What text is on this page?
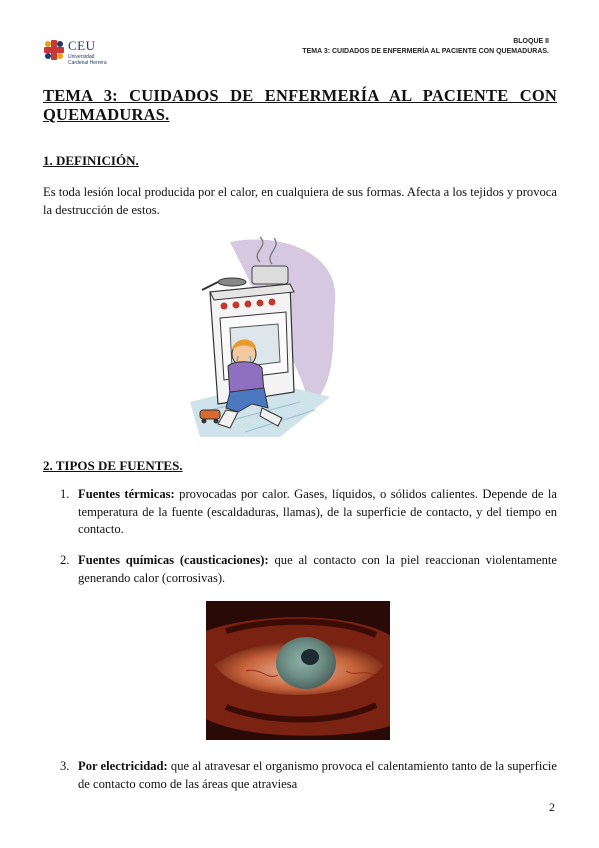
CEU
Universidad
Cardenal Herrera
BLOQUE II
TEMA 3: CUIDADOS DE ENFERMERÍA AL PACIENTE CON QUEMADURAS.
TEMA 3: CUIDADOS DE ENFERMERÍA AL PACIENTE CON QUEMADURAS.
1. DEFINICIÓN.
Es toda lesión local producida por el calor, en cualquiera de sus formas. Afecta a los tejidos y provoca la destrucción de estos.
2. TIPOS DE FUENTES.
1. Fuentes térmicas: provocadas por calor. Gases, líquidos, o sólidos calientes. Depende de la temperatura de la fuente (escaldaduras, llamas), de la superficie de contacto, y del tiempo en contacto.
2. Fuentes químicas (causticaciones): que al contacto con la piel reaccionan violentamente generando calor (corrosivas).
3. Por electricidad: que al atravesar el organismo provoca el calentamiento tanto de la superficie de contacto como de las áreas que atraviesa
2
